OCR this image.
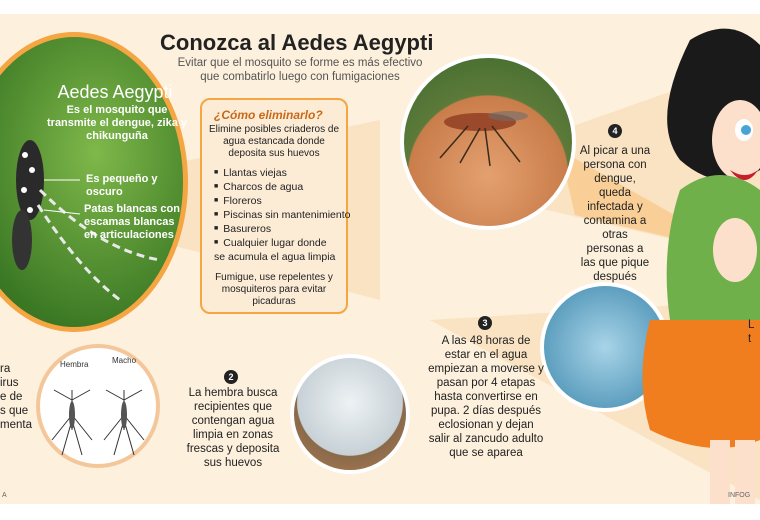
Conozca al Aedes Aegypti
Evitar que el mosquito se forme es más efectivo que combatirlo luego con fumigaciones
Aedes Aegypti
Es el mosquito que transmite el dengue, zika y chikunguña
Es pequeño y oscuro
Patas blancas con escamas blancas en articulaciones
¿Cómo eliminarlo?
Elimine posibles criaderos de agua estancada donde deposita sus huevos
■ Llantas viejas
■ Charcos de agua
■ Floreros
■ Piscinas sin mantenimiento
■ Basureros
■ Cualquier lugar donde se acumula el agua limpia
Fumigue, use repelentes y mosquiteros para evitar picaduras
Hembra	Macho
ra
irus
e de
s que
menta
2
La hembra busca recipientes que contengan agua limpia en zonas frescas y deposita sus huevos
3
A las 48 horas de estar en el agua empiezan a moverse y pasan por 4 etapas hasta convertirse en pupa. 2 días después eclosionan y dejan salir al zancudo adulto que se aparea
4
Al picar a una persona con dengue, queda infectada y contamina a otras personas a las que pique después
L
t
A	INFOG
